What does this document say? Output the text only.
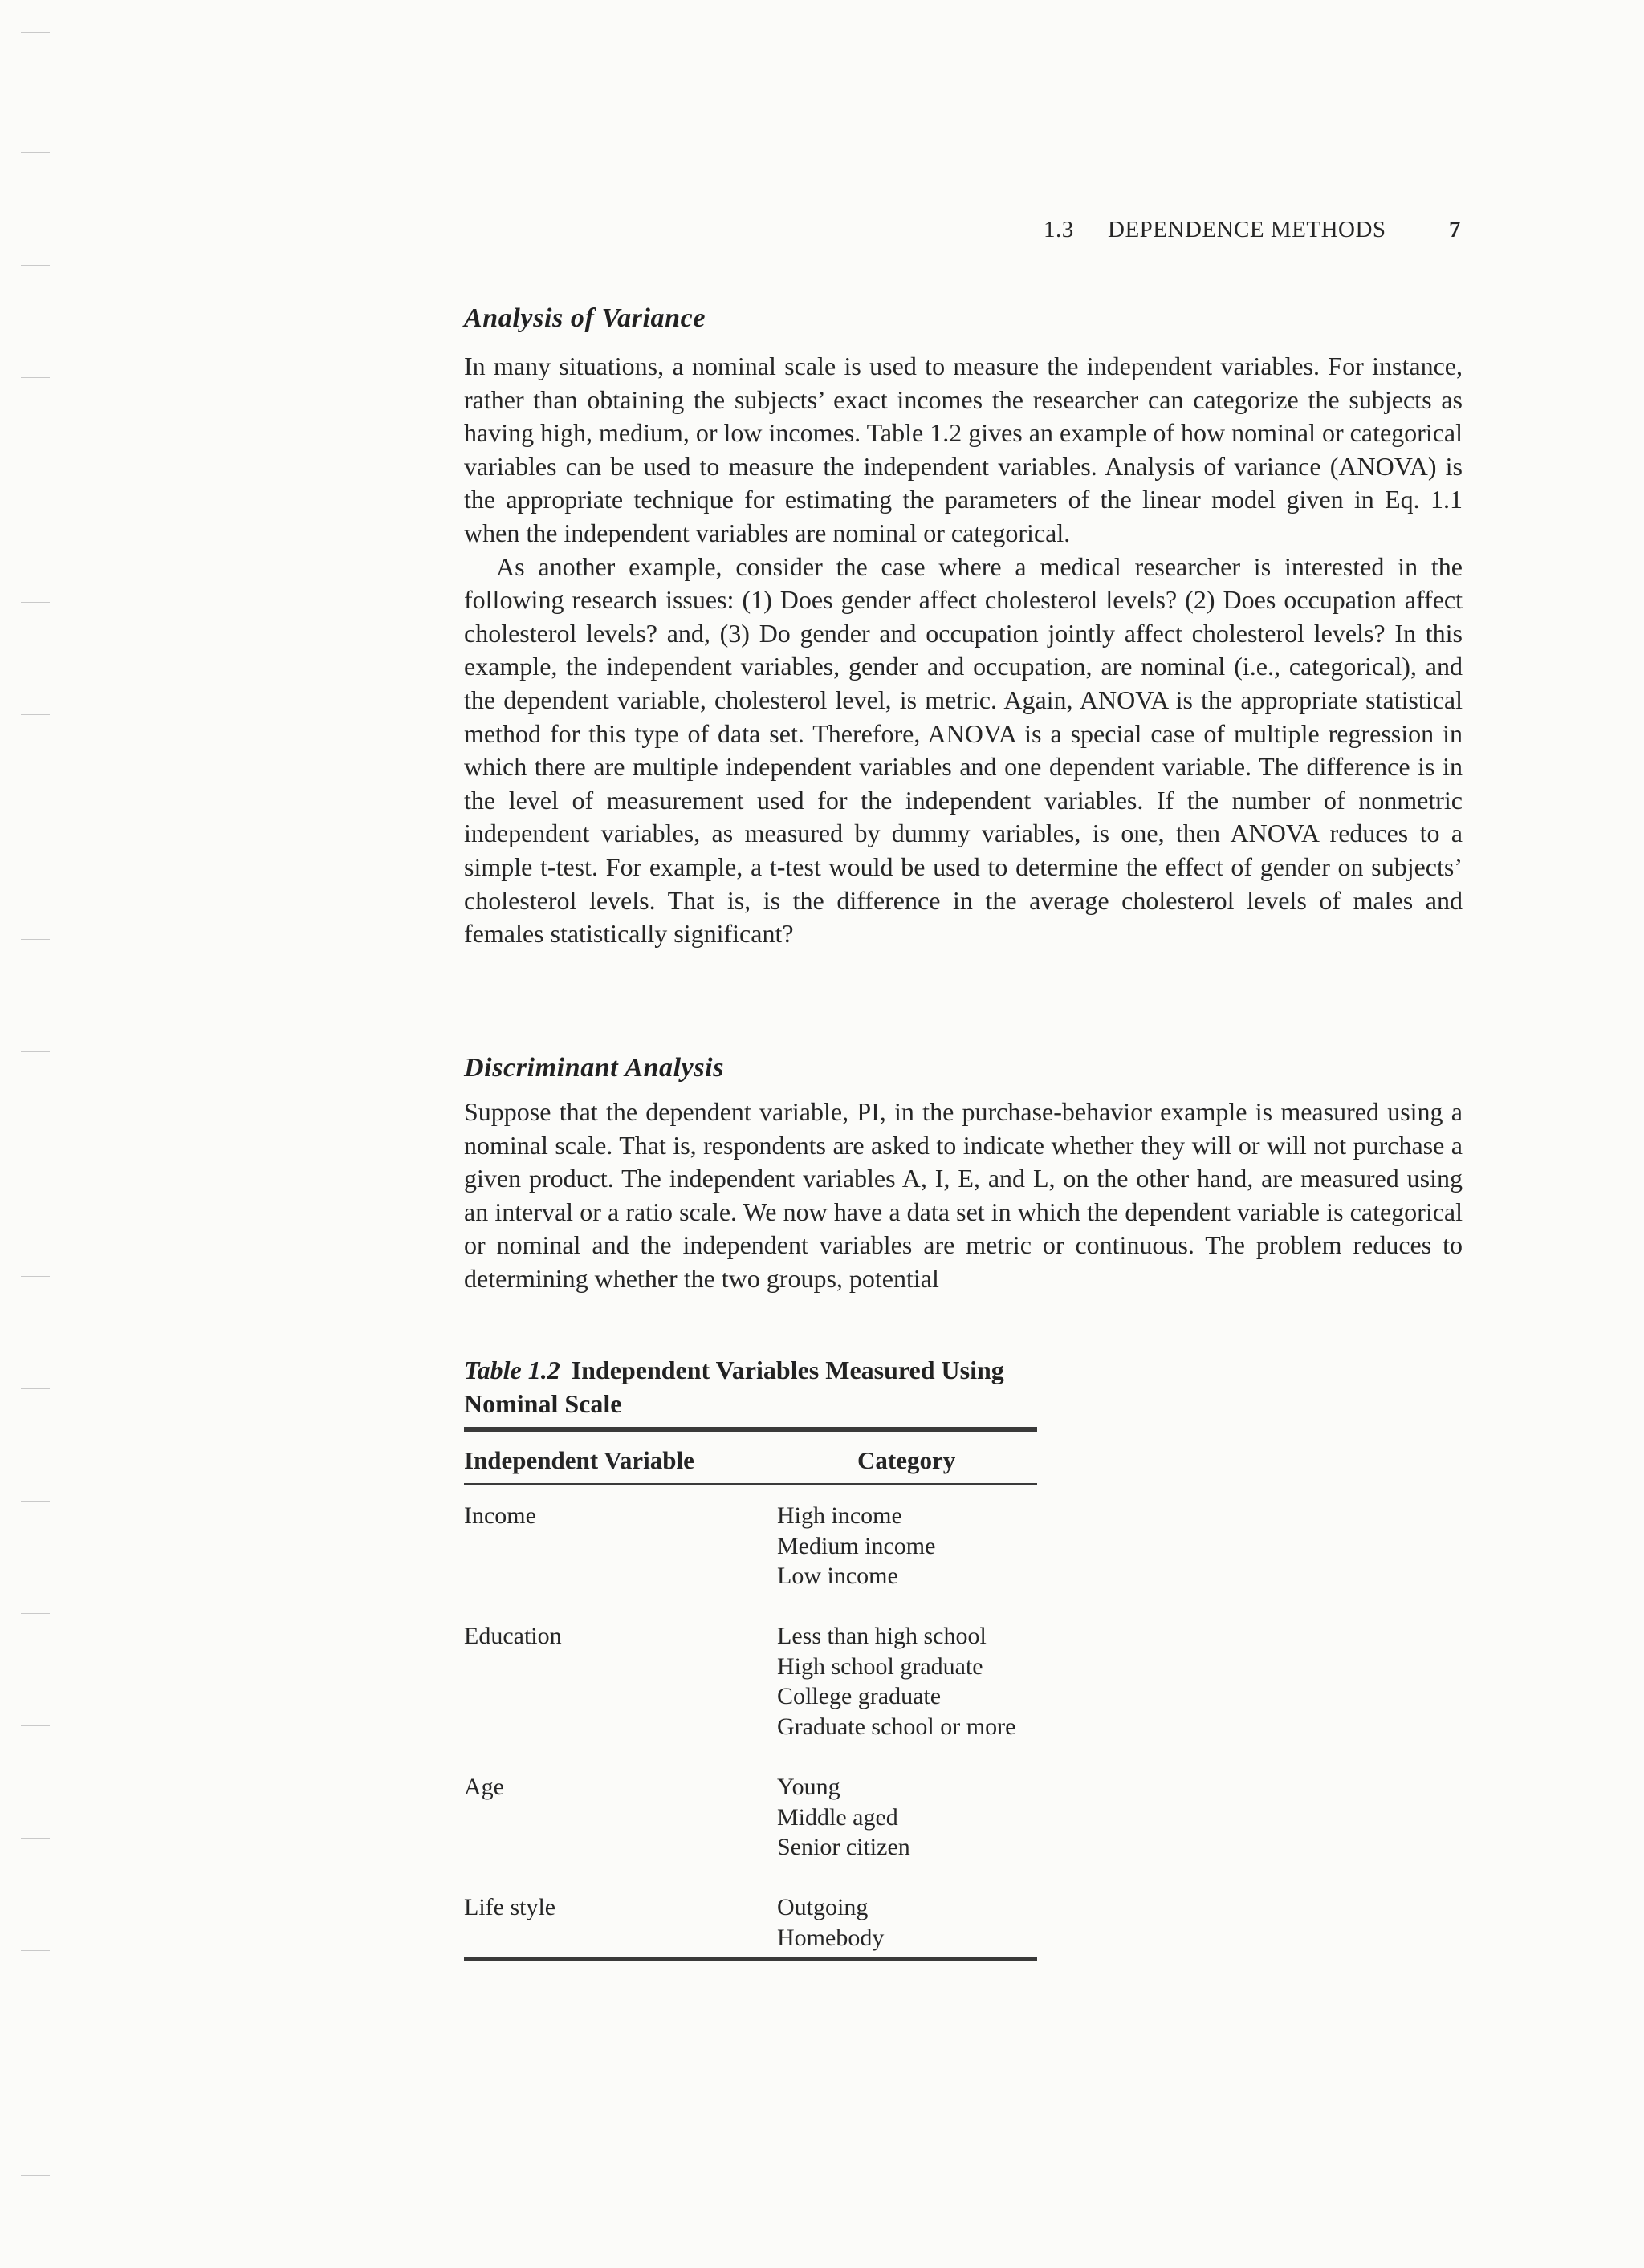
1.3 DEPENDENCE METHODS	7
Analysis of Variance

In many situations, a nominal scale is used to measure the independent variables. For instance, rather than obtaining the subjects’ exact incomes the researcher can categorize the subjects as having high, medium, or low incomes. Table 1.2 gives an example of how nominal or categorical variables can be used to measure the independent variables. Analysis of variance (ANOVA) is the appropriate technique for estimating the parameters of the linear model given in Eq. 1.1 when the independent variables are nominal or categorical.

As another example, consider the case where a medical researcher is interested in the following research issues: (1) Does gender affect cholesterol levels? (2) Does occupation affect cholesterol levels? and, (3) Do gender and occupation jointly affect cholesterol levels? In this example, the independent variables, gender and occupation, are nominal (i.e., categorical), and the dependent variable, cholesterol level, is metric. Again, ANOVA is the appropriate statistical method for this type of data set. Therefore, ANOVA is a special case of multiple regression in which there are multiple independent variables and one dependent variable. The difference is in the level of measurement used for the independent variables. If the number of nonmetric independent variables, as measured by dummy variables, is one, then ANOVA reduces to a simple t-test. For example, a t-test would be used to determine the effect of gender on subjects’ cholesterol levels. That is, is the difference in the average cholesterol levels of males and females statistically significant?

Discriminant Analysis

Suppose that the dependent variable, PI, in the purchase-behavior example is measured using a nominal scale. That is, respondents are asked to indicate whether they will or will not purchase a given product. The independent variables A, I, E, and L, on the other hand, are measured using an interval or a ratio scale. We now have a data set in which the dependent variable is categorical or nominal and the independent variables are metric or continuous. The problem reduces to determining whether the two groups, potential

Table 1.2 Independent Variables Measured Using Nominal Scale
Independent Variable	Category
Income	High income
Medium income
Low income
Education	Less than high school
High school graduate
College graduate
Graduate school or more
Age	Young
Middle aged
Senior citizen
Life style	Outgoing
Homebody
